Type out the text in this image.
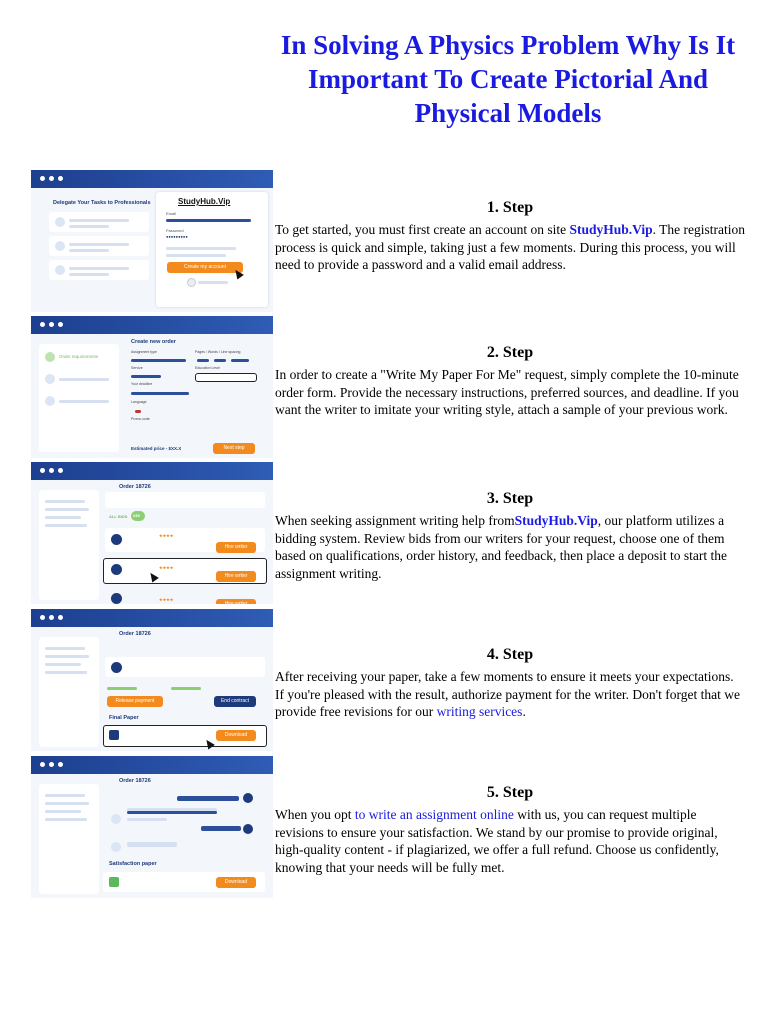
In Solving A Physics Problem Why Is It Important To Create Pictorial And Physical Models
Delegate Your Tasks to Professionals	StudyHub.Vip
Email
Password
●●●●●●●●●
Create my account
Order requirements
Create new order
Assignment type	Pages / Words / Line spacing
Service	Education Level
Your deadline
Language
Promo code
Estimated price - $XX.X	Next step
Order 18726
ALL BIDS 235
★★★★
Hire writer
★★★★
Hire writer
★★★★
Hire writer
Order 18726
Release payment	End contract
Final Paper
Download
Order 18726
Satisfaction paper
Download
1. Step

To get started, you must first create an account on site StudyHub.Vip. The registration process is quick and simple, taking just a few moments. During this process, you will need to provide a password and a valid email address.

2. Step

In order to create a "Write My Paper For Me" request, simply complete the 10-minute order form. Provide the necessary instructions, preferred sources, and deadline. If you want the writer to imitate your writing style, attach a sample of your previous work.

3. Step

When seeking assignment writing help fromStudyHub.Vip, our platform utilizes a bidding system. Review bids from our writers for your request, choose one of them based on qualifications, order history, and feedback, then place a deposit to start the assignment writing.

4. Step

After receiving your paper, take a few moments to ensure it meets your expectations. If you're pleased with the result, authorize payment for the writer. Don't forget that we provide free revisions for our writing services.

5. Step

When you opt to write an assignment online with us, you can request multiple revisions to ensure your satisfaction. We stand by our promise to provide original, high-quality content - if plagiarized, we offer a full refund. Choose us confidently, knowing that your needs will be fully met.
